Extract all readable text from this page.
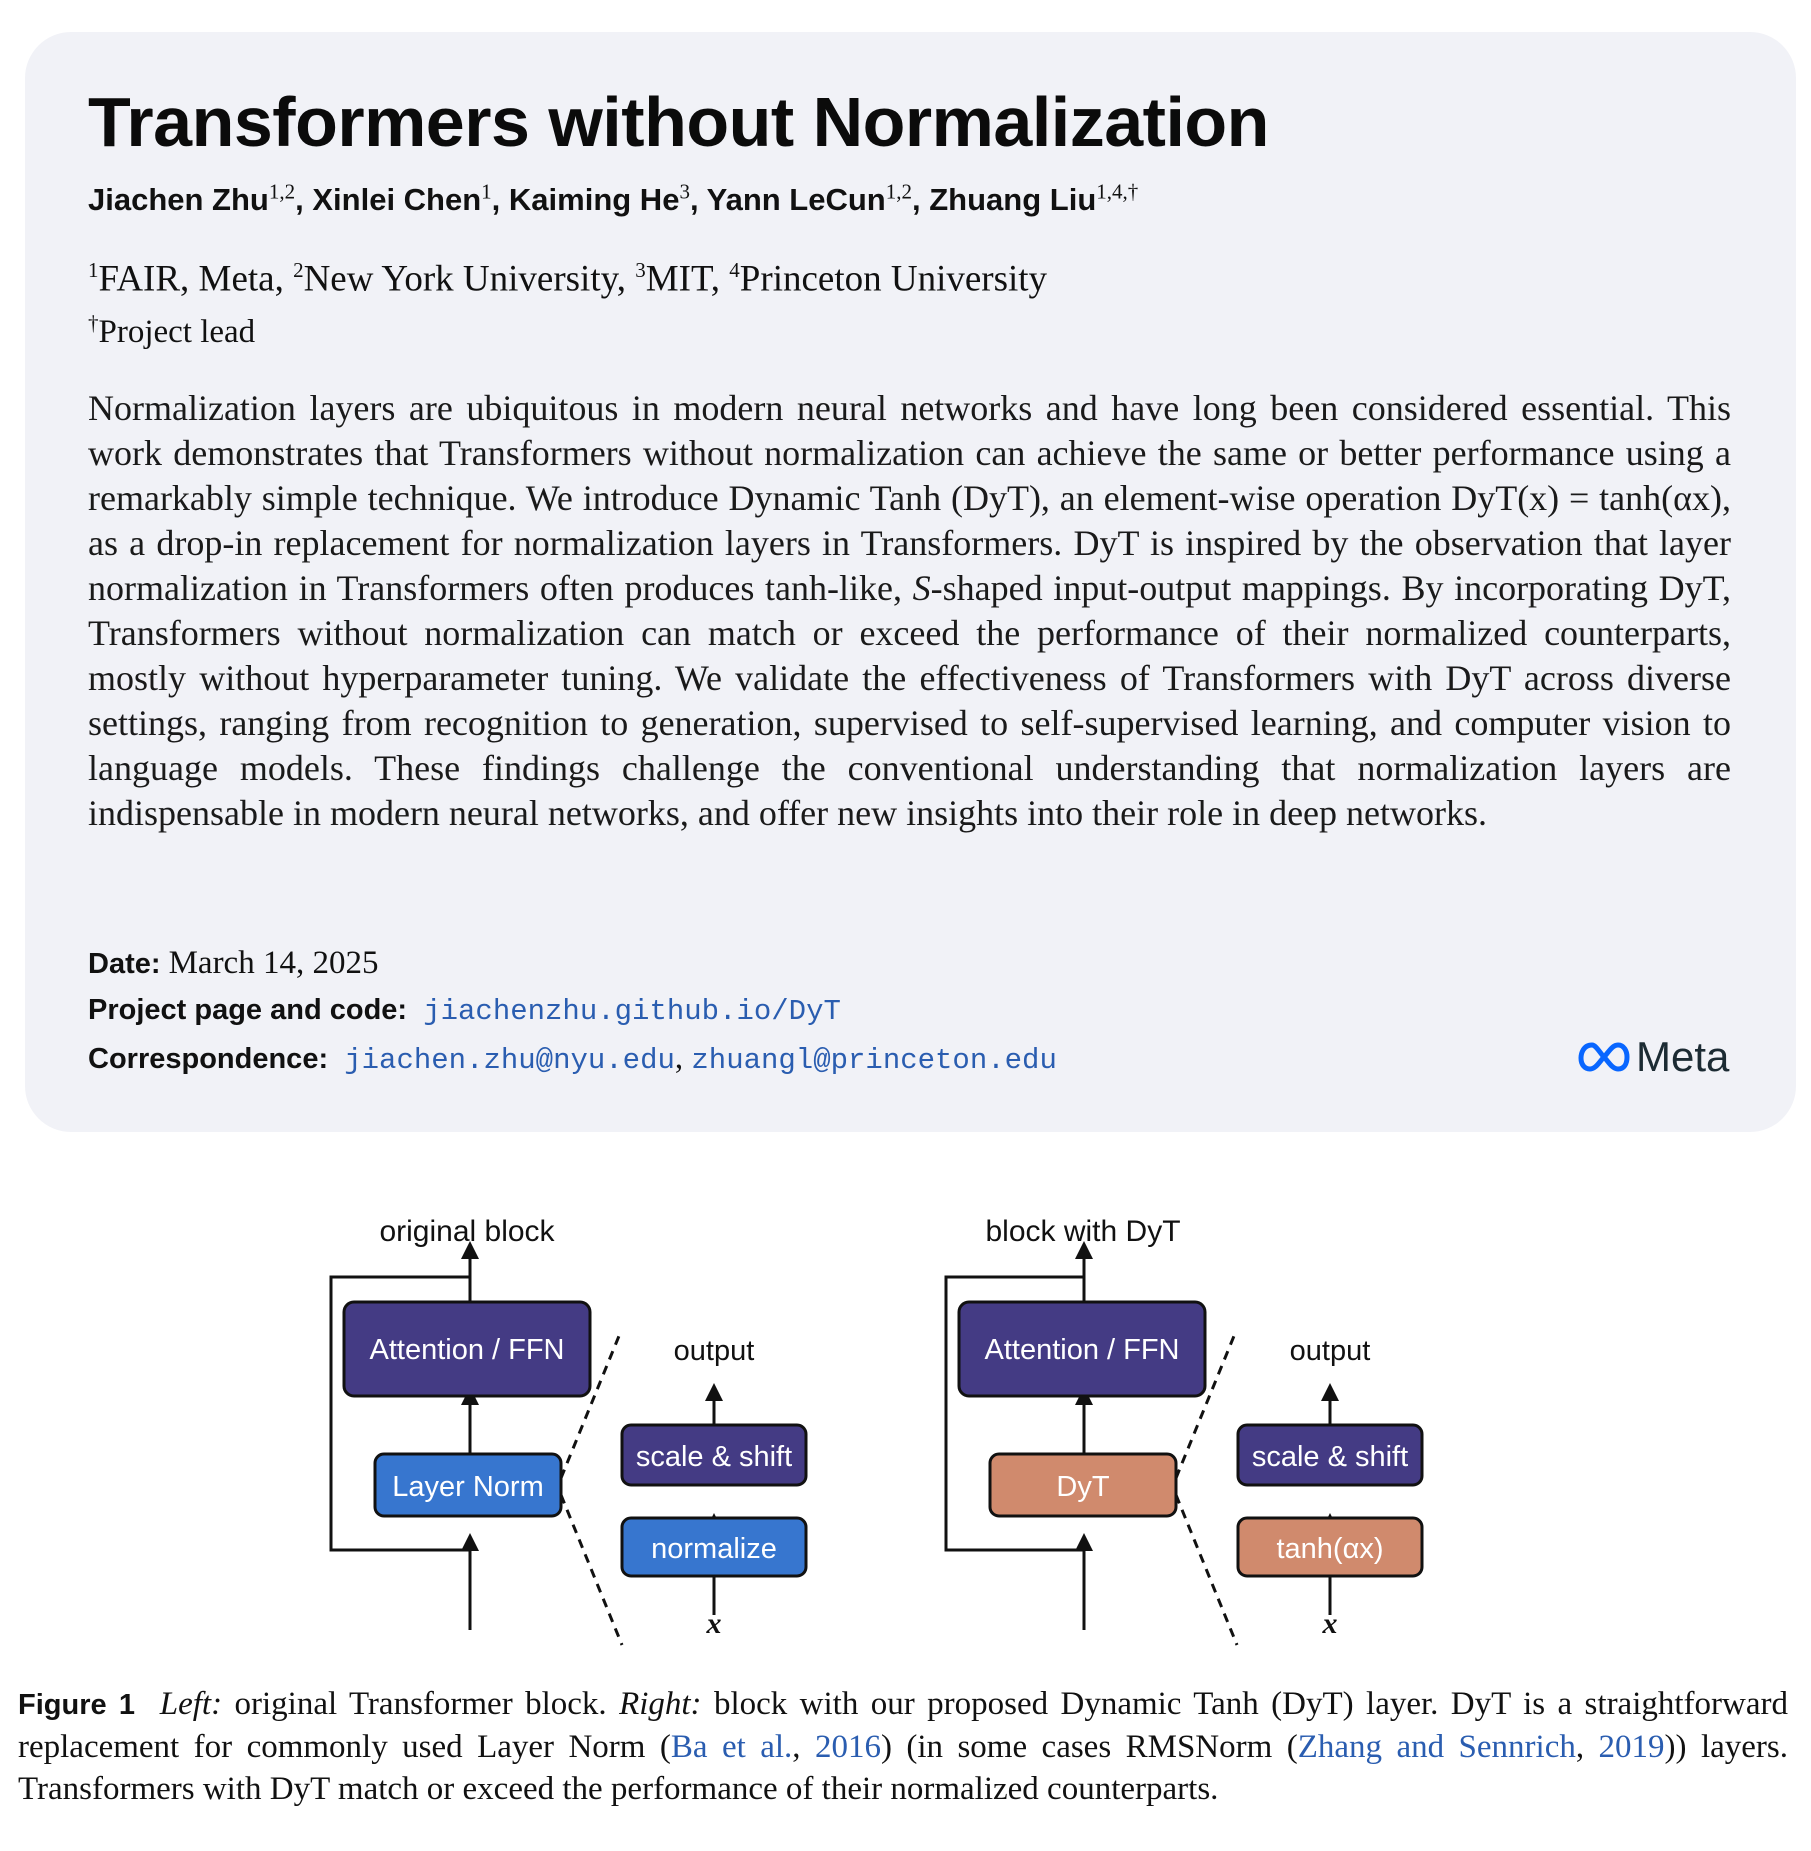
Transformers without Normalization
Jiachen Zhu$^{1,2}$, Xinlei Chen$^1$, Kaiming He$^3$, Yann LeCun$^{1,2}$, Zhuang Liu$^{1,4,\dagger}$
$^1$FAIR, Meta, $^2$New York University, $^3$MIT, $^4$Princeton University
†Project lead

Normalization layers are ubiquitous in modern neural networks and have long been considered essential. This work demonstrates that Transformers without normalization can achieve the same or better performance using a remarkably simple technique. We introduce Dynamic Tanh (DyT), an element-wise operation DyT(x) = tanh(αx), as a drop-in replacement for normalization layers in Transformers. DyT is inspired by the observation that layer normalization in Transformers often produces tanh-like, S-shaped input-output mappings. By incorporating DyT, Transformers without normalization can match or exceed the performance of their normalized counterparts, mostly without hyperparameter tuning. We validate the effectiveness of Transformers with DyT across diverse settings, ranging from recognition to generation, supervised to self-supervised learning, and computer vision to language models. These findings challenge the conventional understanding that normalization layers are indispensable in modern neural networks, and offer new insights into their role in deep networks.

Date: March 14, 2025
Project page and code: jiachenzhu.github.io/DyT
Correspondence: jiachen.zhu@nyu.edu, zhuangl@princeton.edu	Meta
original block
Attention / FFN
Layer Norm
output
scale & shift
normalize
x
block with DyT
Attention / FFN
DyT
output
scale & shift
tanh(αx)
x

Figure 1 Left: original Transformer block. Right: block with our proposed Dynamic Tanh (DyT) layer. DyT is a straightforward replacement for commonly used Layer Norm (Ba et al., 2016) (in some cases RMSNorm (Zhang and Sennrich, 2019)) layers. Transformers with DyT match or exceed the performance of their normalized counterparts.
